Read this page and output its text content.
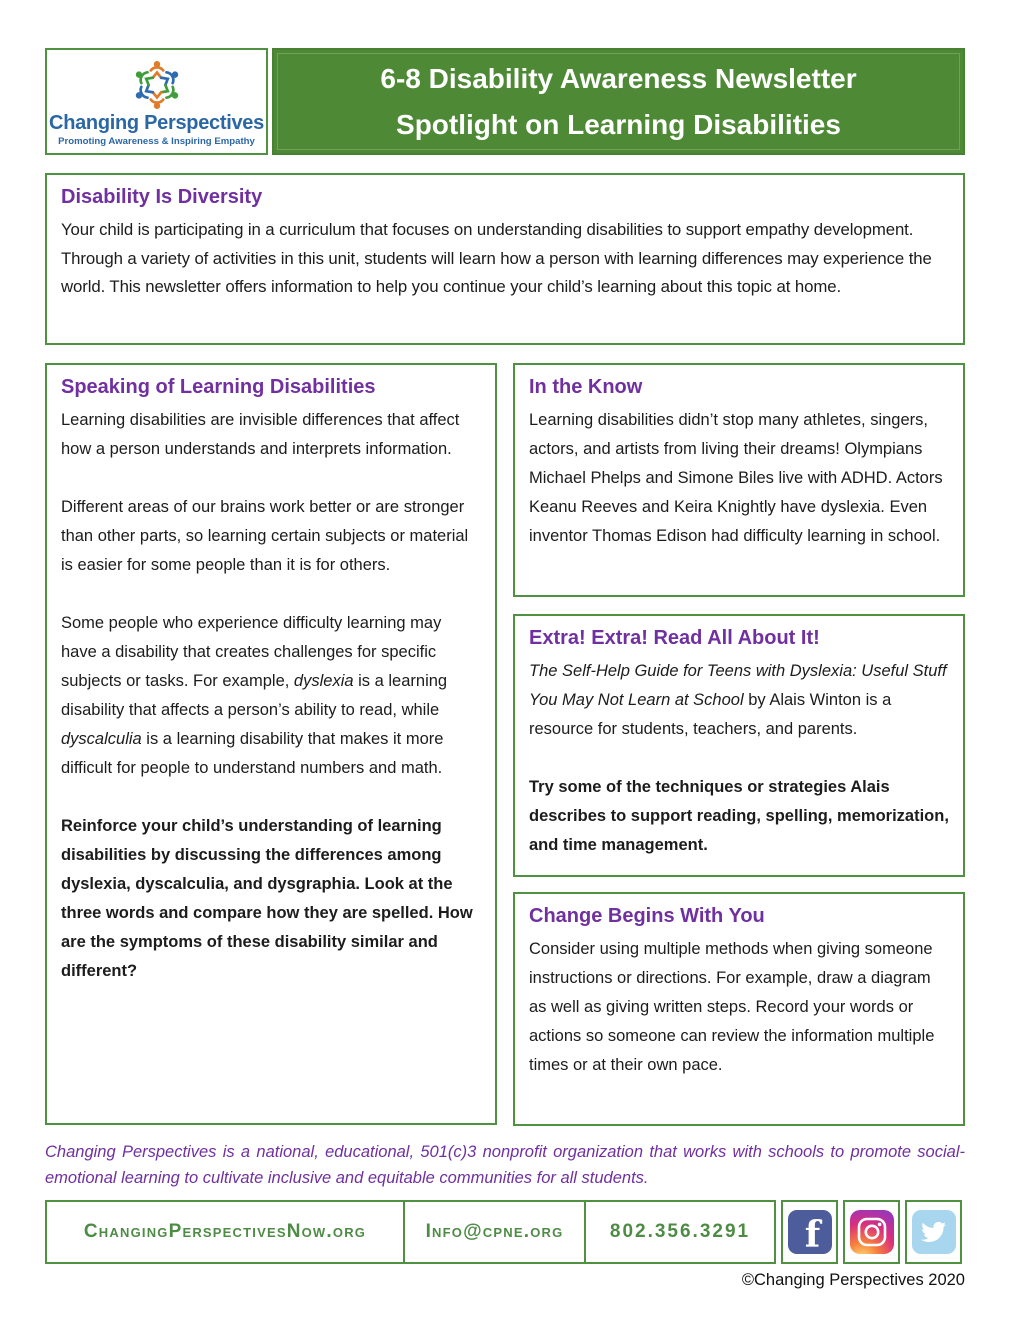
Changing Perspectives
Promoting Awareness & Inspiring Empathy
6-8 Disability Awareness Newsletter
Spotlight on Learning Disabilities
Disability Is Diversity

Your child is participating in a curriculum that focuses on understanding disabilities to support empathy development. Through a variety of activities in this unit, students will learn how a person with learning differences may experience the world. This newsletter offers information to help you continue your child’s learning about this topic at home.

Speaking of Learning Disabilities

Learning disabilities are invisible differences that affect how a person understands and interprets information.

Different areas of our brains work better or are stronger than other parts, so learning certain subjects or material is easier for some people than it is for others.

Some people who experience difficulty learning may have a disability that creates challenges for specific subjects or tasks. For example, dyslexia is a learning disability that affects a person’s ability to read, while dyscalculia is a learning disability that makes it more difficult for people to understand numbers and math.

Reinforce your child’s understanding of learning disabilities by discussing the differences among dyslexia, dyscalculia, and dysgraphia. Look at the three words and compare how they are spelled. How are the symptoms of these disability similar and different?

In the Know

Learning disabilities didn’t stop many athletes, singers, actors, and artists from living their dreams! Olympians Michael Phelps and Simone Biles live with ADHD. Actors Keanu Reeves and Keira Knightly have dyslexia. Even inventor Thomas Edison had difficulty learning in school.

Extra! Extra! Read All About It!

The Self-Help Guide for Teens with Dyslexia: Useful Stuff You May Not Learn at School by Alais Winton is a resource for students, teachers, and parents.

Try some of the techniques or strategies Alais describes to support reading, spelling, memorization, and time management.

Change Begins With You

Consider using multiple methods when giving someone instructions or directions. For example, draw a diagram as well as giving written steps. Record your words or actions so someone can review the information multiple times or at their own pace.

Changing Perspectives is a national, educational, 501(c)3 nonprofit organization that works with schools to promote social-emotional learning to cultivate inclusive and equitable communities for all students.

ChangingPerspectivesNow.org	Info@cpne.org	802.356.3291	f
©Changing Perspectives 2020
